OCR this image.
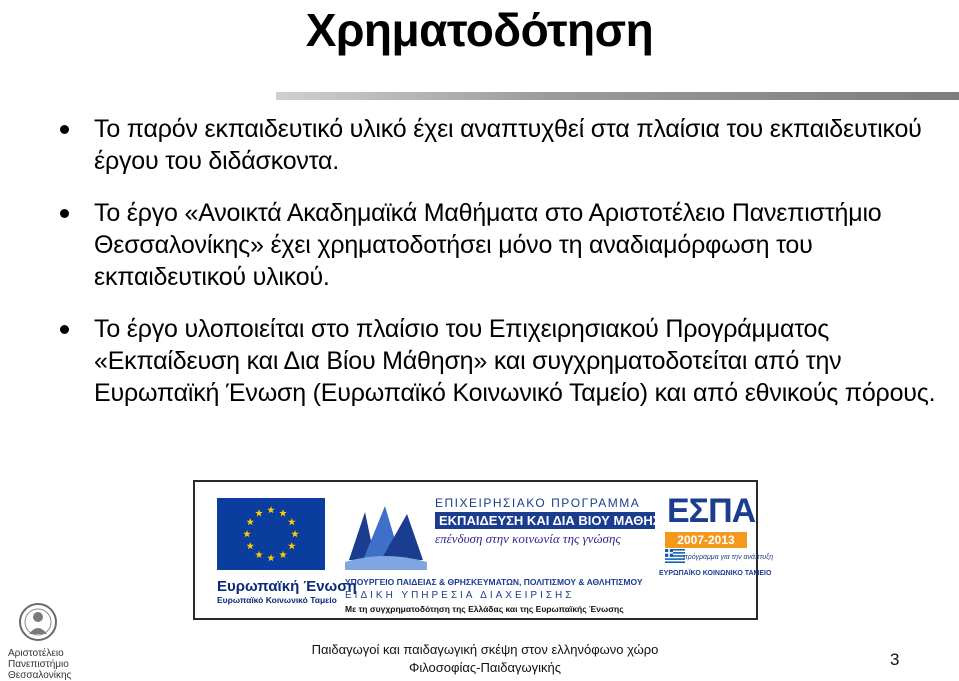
Χρηματοδότηση
Το παρόν εκπαιδευτικό υλικό έχει αναπτυχθεί στα πλαίσια του εκπαιδευτικού έργου του διδάσκοντα.
Το έργο «Ανοικτά Ακαδημαϊκά Μαθήματα στο Αριστοτέλειο Πανεπιστήμιο Θεσσαλονίκης» έχει χρηματοδοτήσει μόνο τη αναδιαμόρφωση του εκπαιδευτικού υλικού.
Το έργο υλοποιείται στο πλαίσιο του Επιχειρησιακού Προγράμματος «Εκπαίδευση και Δια Βίου Μάθηση» και συγχρηματοδοτείται από την Ευρωπαϊκή Ένωση (Ευρωπαϊκό Κοινωνικό Ταμείο) και από εθνικούς πόρους.
Ευρωπαϊκή Ένωση
Ευρωπαϊκό Κοινωνικό Ταμείο
ΕΠΙΧΕΙΡΗΣΙΑΚΟ ΠΡΟΓΡΑΜΜΑ
ΕΚΠΑΙΔΕΥΣΗ ΚΑΙ ΔΙΑ ΒΙΟΥ ΜΑΘΗΣΗ
επένδυση στην κοινωνία της γνώσης
ΥΠΟΥΡΓΕΙΟ ΠΑΙΔΕΙΑΣ & ΘΡΗΣΚΕΥΜΑΤΩΝ, ΠΟΛΙΤΙΣΜΟΥ & ΑΘΛΗΤΙΣΜΟΥ
ΕΙΔΙΚΗ ΥΠΗΡΕΣΙΑ ΔΙΑΧΕΙΡΙΣΗΣ
Με τη συγχρηματοδότηση της Ελλάδας και της Ευρωπαϊκής Ένωσης
ΕΣΠΑ
2007-2013
πρόγραμμα για την ανάπτυξη
ΕΥΡΩΠΑΪΚΟ ΚΟΙΝΩΝΙΚΟ ΤΑΜΕΙΟ
Αριστοτέλειο
Πανεπιστήμιο
Θεσσαλονίκης
Παιδαγωγοί και παιδαγωγική σκέψη στον ελληνόφωνο χώρο
Φιλοσοφίας-Παιδαγωγικής	3
